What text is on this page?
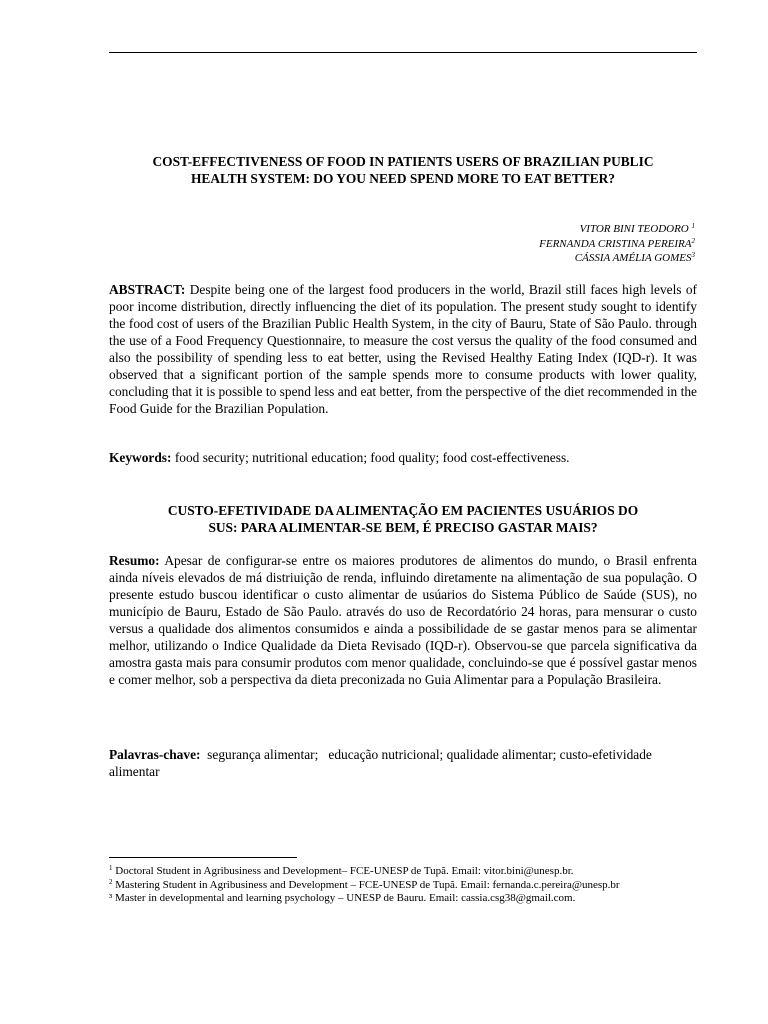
COST-EFFECTIVENESS OF FOOD IN PATIENTS USERS OF BRAZILIAN PUBLIC
HEALTH SYSTEM: DO YOU NEED SPEND MORE TO EAT BETTER?
VITOR BINI TEODORO $^1$
FERNANDA CRISTINA PEREIRA$^2$
CÁSSIA AMÉLIA GOMES$^3$
ABSTRACT: Despite being one of the largest food producers in the world, Brazil still faces high levels of poor income distribution, directly influencing the diet of its population. The present study sought to identify the food cost of users of the Brazilian Public Health System, in the city of Bauru, State of São Paulo. through the use of a Food Frequency Questionnaire, to measure the cost versus the quality of the food consumed and also the possibility of spending less to eat better, using the Revised Healthy Eating Index (IQD-r). It was observed that a significant portion of the sample spends more to consume products with lower quality, concluding that it is possible to spend less and eat better, from the perspective of the diet recommended in the Food Guide for the Brazilian Population.
Keywords: food security; nutritional education; food quality; food cost-effectiveness.
CUSTO-EFETIVIDADE DA ALIMENTAÇÃO EM PACIENTES USUÁRIOS DO
SUS: PARA ALIMENTAR-SE BEM, É PRECISO GASTAR MAIS?
Resumo: Apesar de configurar-se entre os maiores produtores de alimentos do mundo, o Brasil enfrenta ainda níveis elevados de má distriuição de renda, influindo diretamente na alimentação de sua população. O presente estudo buscou identificar o custo alimentar de usúarios do Sistema Público de Saúde (SUS), no município de Bauru, Estado de São Paulo. através do uso de Recordatório 24 horas, para mensurar o custo versus a qualidade dos alimentos consumidos e ainda a possibilidade de se gastar menos para se alimentar melhor, utilizando o Indice Qualidade da Dieta Revisado (IQD-r). Observou-se que parcela significativa da amostra gasta mais para consumir produtos com menor qualidade, concluindo-se que é possível gastar menos e comer melhor, sob a perspectiva da dieta preconizada no Guia Alimentar para a População Brasileira.
Palavras-chave:  segurança alimentar;   educação nutricional; qualidade alimentar; custo-efetividade  alimentar
$^1$ Doctoral Student in Agribusiness and Development– FCE-UNESP de Tupã. Email: vitor.bini@unesp.br.
$^2$ Mastering Student in Agribusiness and Development – FCE-UNESP de Tupã. Email: fernanda.c.pereira@unesp.br
³ Master in developmental and learning psychology – UNESP de Bauru. Email: cassia.csg38@gmail.com.
